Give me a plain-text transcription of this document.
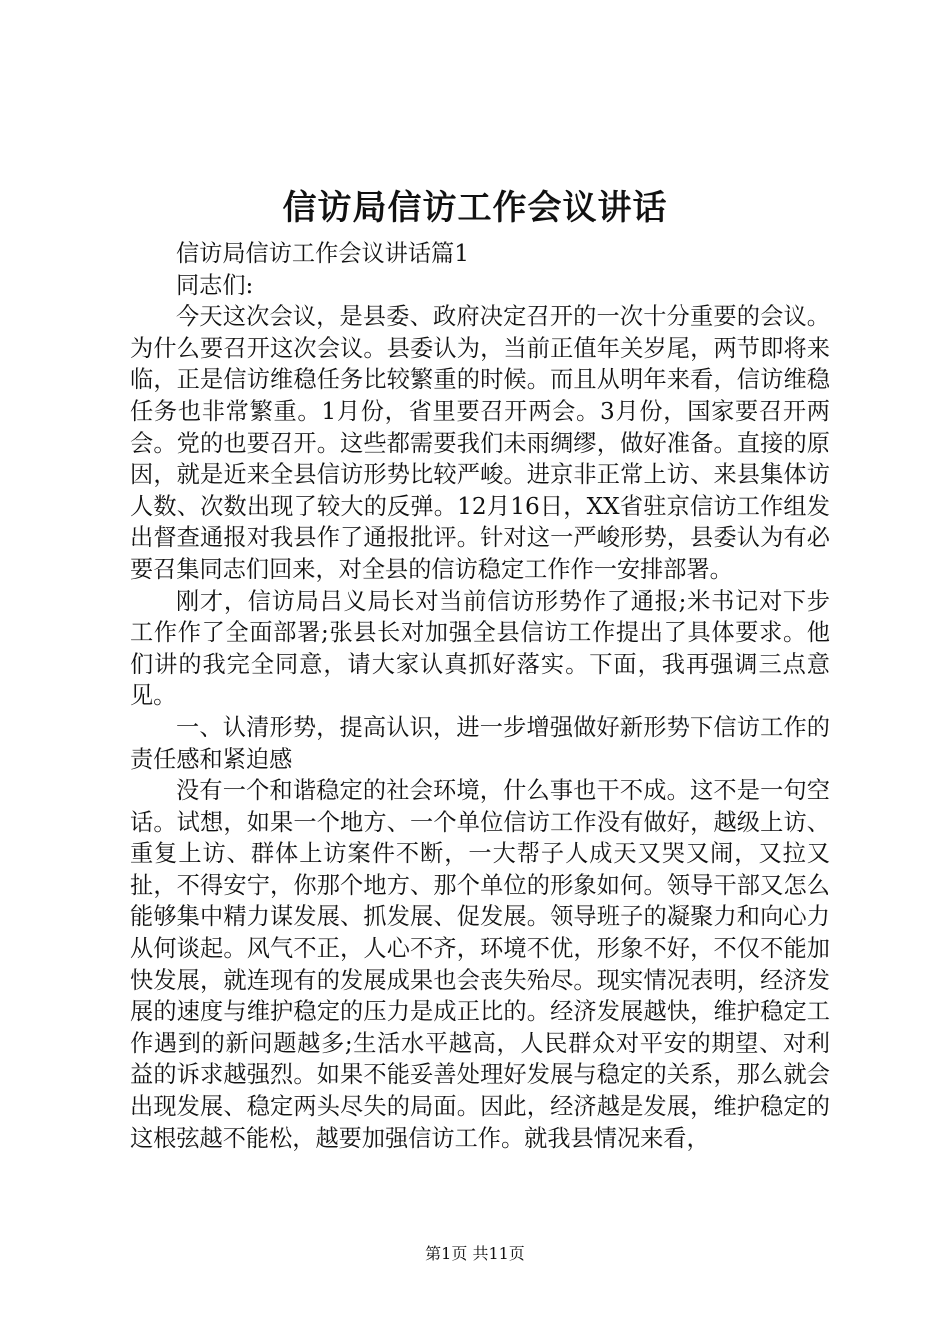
信访局信访工作会议讲话

信访局信访工作会议讲话篇1

同志们:

今天这次会议，是县委、政府决定召开的一次十分重要的会议。为什么要召开这次会议。县委认为，当前正值年关岁尾，两节即将来临，正是信访维稳任务比较繁重的时候。而且从明年来看，信访维稳任务也非常繁重。1月份，省里要召开两会。3月份，国家要召开两会。党的也要召开。这些都需要我们未雨绸缪，做好准备。直接的原因，就是近来全县信访形势比较严峻。进京非正常上访、来县集体访人数、次数出现了较大的反弹。12月16日，XX省驻京信访工作组发出督查通报对我县作了通报批评。针对这一严峻形势，县委认为有必要召集同志们回来，对全县的信访稳定工作作一安排部署。

刚才，信访局吕义局长对当前信访形势作了通报;米书记对下步工作作了全面部署;张县长对加强全县信访工作提出了具体要求。他们讲的我完全同意，请大家认真抓好落实。下面，我再强调三点意见。

一、认清形势，提高认识，进一步增强做好新形势下信访工作的责任感和紧迫感

没有一个和谐稳定的社会环境，什么事也干不成。这不是一句空话。试想，如果一个地方、一个单位信访工作没有做好，越级上访、重复上访、群体上访案件不断，一大帮子人成天又哭又闹，又拉又扯，不得安宁，你那个地方、那个单位的形象如何。领导干部又怎么能够集中精力谋发展、抓发展、促发展。领导班子的凝聚力和向心力从何谈起。风气不正，人心不齐，环境不优，形象不好，不仅不能加快发展，就连现有的发展成果也会丧失殆尽。现实情况表明，经济发展的速度与维护稳定的压力是成正比的。经济发展越快，维护稳定工作遇到的新问题越多;生活水平越高，人民群众对平安的期望、对利益的诉求越强烈。如果不能妥善处理好发展与稳定的关系，那么就会出现发展、稳定两头尽失的局面。因此，经济越是发展，维护稳定的这根弦越不能松，越要加强信访工作。就我县情况来看，

第1页 共11页
